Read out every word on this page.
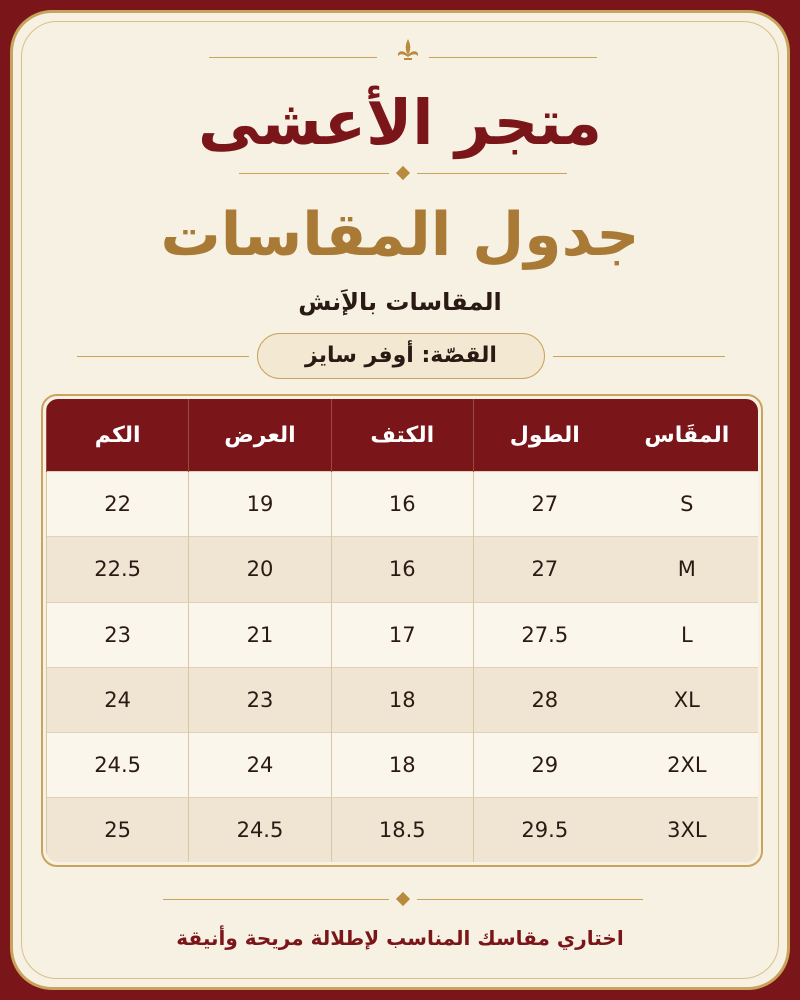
متجر الأعشى
جدول المقاسات
المقاسات بالإَنش
القصّة: أوفر سايز
المقَاس	الطول	الكتف	العرض	الكم
S	27	16	19	22
M	27	16	20	22.5
L	27.5	17	21	23
XL	28	18	23	24
2XL	29	18	24	24.5
3XL	29.5	18.5	24.5	25
اختاري مقاسك المناسب لإطلالة مريحة وأنيقة
